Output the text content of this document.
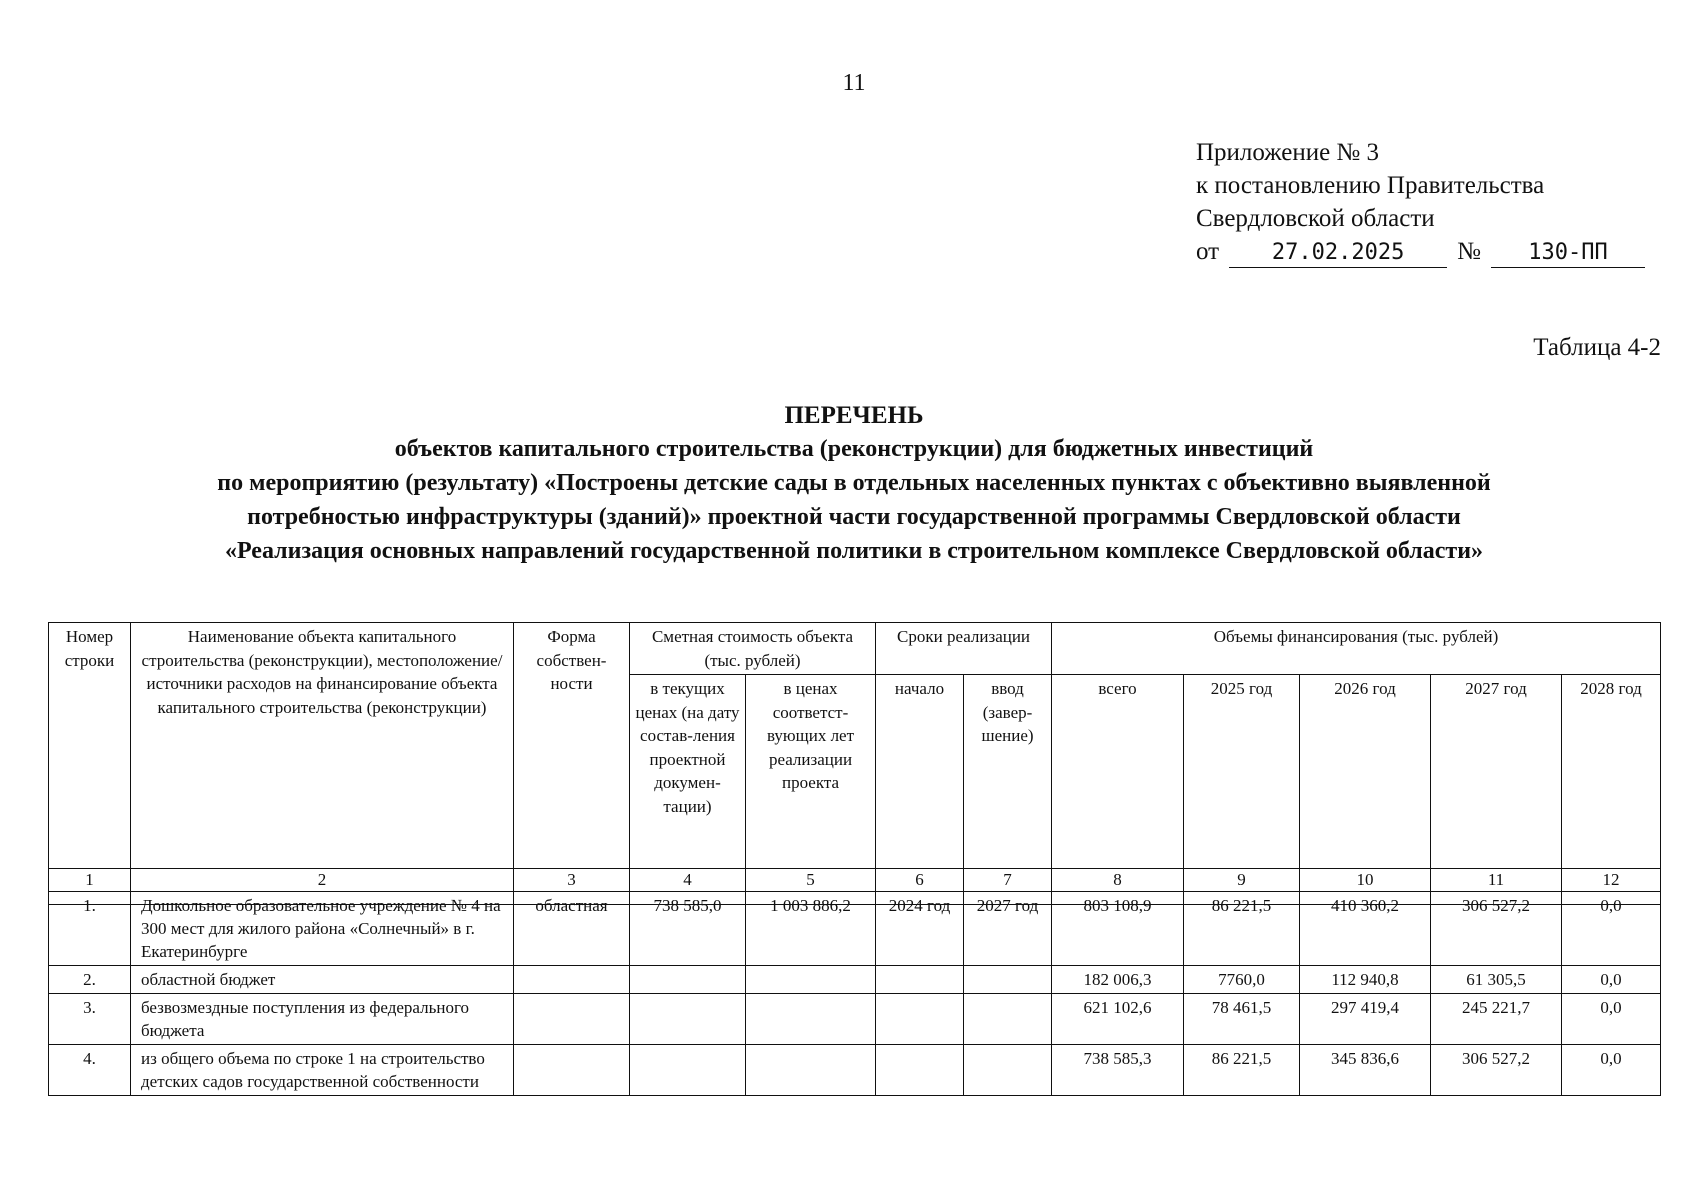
11
Приложение № 3
к постановлению Правительства
Свердловской области
от	27.02.2025	№	130-ПП
Таблица 4-2
ПЕРЕЧЕНЬ
объектов капитального строительства (реконструкции) для бюджетных инвестиций
по мероприятию (результату) «Построены детские сады в отдельных населенных пунктах с объективно выявленной
потребностью инфраструктуры (зданий)» проектной части государственной программы Свердловской области
«Реализация основных направлений государственной политики в строительном комплексе Свердловской области»
Номер строки	Наименование объекта капитального строительства (реконструкции), местоположение/ источники расходов на финансирование объекта капитального строительства (реконструкции)	Форма собствен-ности	Сметная стоимость объекта (тыс. рублей)		Сроки реализации		Объемы финансирования (тыс. рублей)				
			в текущих ценах (на дату состав-ления проектной докумен-тации)	в ценах соответст-вующих лет реализации проекта	начало	ввод (завер-шение)	всего	2025 год	2026 год	2027 год	2028 год
1	2	3	4	5	6	7	8	9	10	11	12
1.	Дошкольное образовательное учреждение № 4 на 300 мест для жилого района «Солнечный» в г. Екатеринбурге	областная	738 585,0	1 003 886,2	2024 год	2027 год	803 108,9	86 221,5	410 360,2	306 527,2	0,0
2.	областной бюджет						182 006,3	7760,0	112 940,8	61 305,5	0,0
3.	безвозмездные поступления из федерального бюджета						621 102,6	78 461,5	297 419,4	245 221,7	0,0
4.	из общего объема по строке 1 на строительство детских садов государственной собственности						738 585,3	86 221,5	345 836,6	306 527,2	0,0
